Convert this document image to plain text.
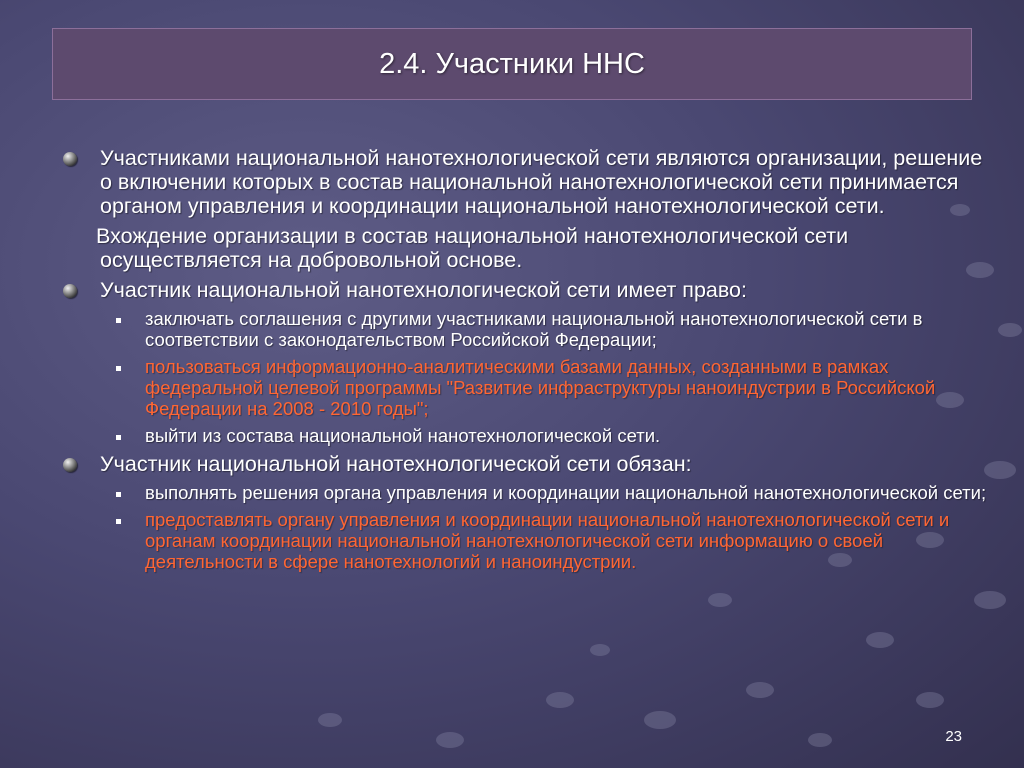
2.4. Участники ННС
Участниками национальной нанотехнологической сети являются организации, решение о включении которых в состав национальной нанотехнологической сети принимается органом управления и координации национальной нанотехнологической сети.
Вхождение организации в состав национальной нанотехнологической сети осуществляется на добровольной основе.
Участник национальной нанотехнологической сети имеет право:
заключать соглашения с другими участниками национальной нанотехнологической сети в соответствии с законодательством Российской Федерации;
пользоваться информационно-аналитическими базами данных, созданными в рамках федеральной целевой программы "Развитие инфраструктуры наноиндустрии в Российской Федерации на 2008 - 2010 годы";
выйти из состава национальной нанотехнологической сети.
Участник национальной нанотехнологической сети обязан:
выполнять решения органа управления и координации национальной нанотехнологической сети;
предоставлять органу управления и координации национальной нанотехнологической сети и органам координации национальной нанотехнологической сети информацию о своей деятельности в сфере нанотехнологий и наноиндустрии.
23
